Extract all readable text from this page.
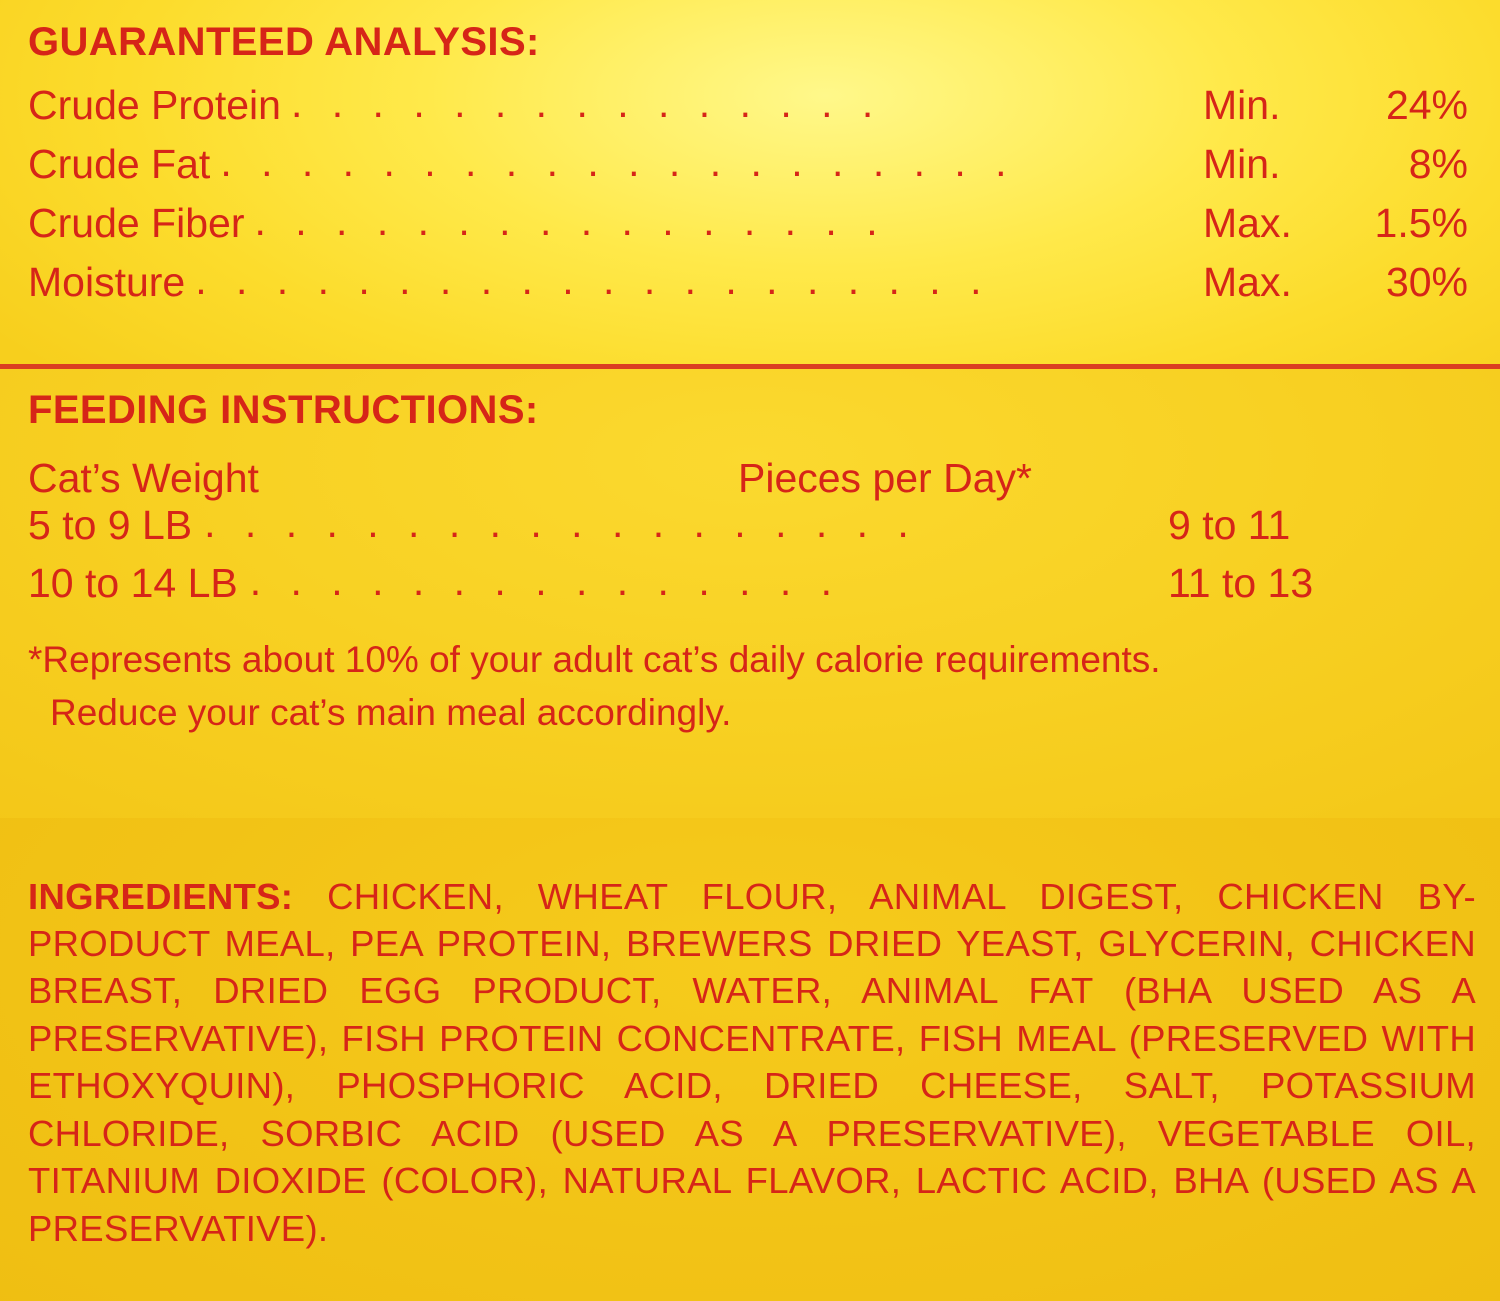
GUARANTEED ANALYSIS:
Crude Protein . . . . . . . . . . . . . . .	Min.	24%
Crude Fat . . . . . . . . . . . . . . . . . . . .	Min.	8%
Crude Fiber . . . . . . . . . . . . . . . .	Max.	1.5%
Moisture . . . . . . . . . . . . . . . . . . . .	Max.	30%
FEEDING INSTRUCTIONS:
Cat’s Weight	Pieces per Day*
5 to 9 LB . . . . . . . . . . . . . . . . . .	9 to 11
10 to 14 LB . . . . . . . . . . . . . . .	11 to 13
*Represents about 10% of your adult cat’s daily calorie requirements.
Reduce your cat’s main meal accordingly.

INGREDIENTS: CHICKEN, WHEAT FLOUR, ANIMAL DIGEST, CHICKEN BY-PRODUCT MEAL, PEA PROTEIN, BREWERS DRIED YEAST, GLYCERIN, CHICKEN BREAST, DRIED EGG PRODUCT, WATER, ANIMAL FAT (BHA USED AS A PRESERVATIVE), FISH PROTEIN CONCENTRATE, FISH MEAL (PRESERVED WITH ETHOXYQUIN), PHOSPHORIC ACID, DRIED CHEESE, SALT, POTASSIUM CHLORIDE, SORBIC ACID (USED AS A PRESERVATIVE), VEGETABLE OIL, TITANIUM DIOXIDE (COLOR), NATURAL FLAVOR, LACTIC ACID, BHA (USED AS A PRESERVATIVE).
